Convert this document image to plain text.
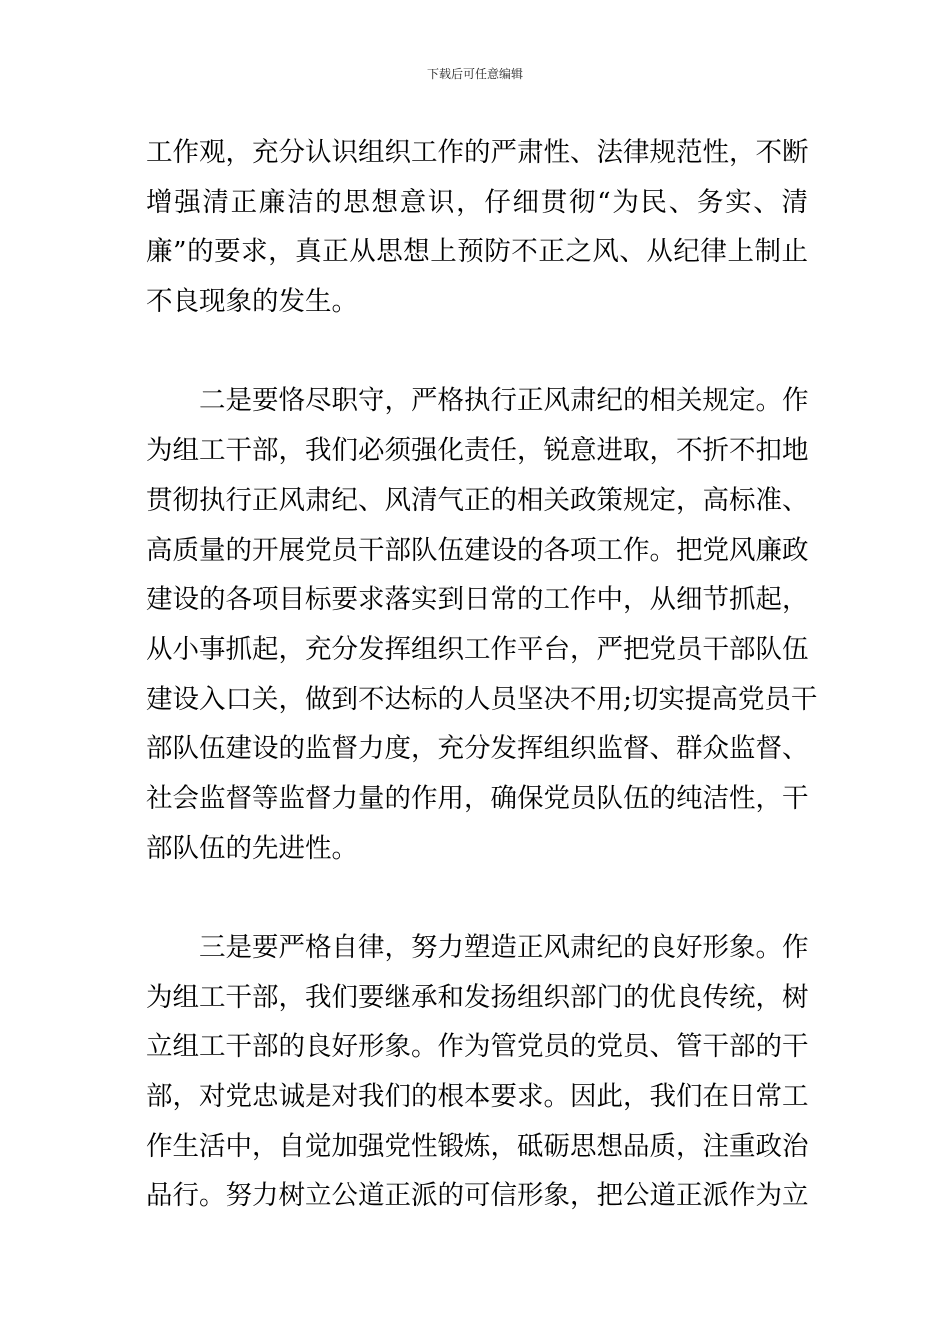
下载后可任意编辑
工作观，充分认识组织工作的严肃性、法律规范性，不断
增强清正廉洁的思想意识，仔细贯彻“为民、务实、清
廉”的要求，真正从思想上预防不正之风、从纪律上制止
不良现象的发生。
二是要恪尽职守，严格执行正风肃纪的相关规定。作
为组工干部，我们必须强化责任，锐意进取，不折不扣地
贯彻执行正风肃纪、风清气正的相关政策规定，高标准、
高质量的开展党员干部队伍建设的各项工作。把党风廉政
建设的各项目标要求落实到日常的工作中，从细节抓起，
从小事抓起，充分发挥组织工作平台，严把党员干部队伍
建设入口关，做到不达标的人员坚决不用;切实提高党员干
部队伍建设的监督力度，充分发挥组织监督、群众监督、
社会监督等监督力量的作用，确保党员队伍的纯洁性，干
部队伍的先进性。
三是要严格自律，努力塑造正风肃纪的良好形象。作
为组工干部，我们要继承和发扬组织部门的优良传统，树
立组工干部的良好形象。作为管党员的党员、管干部的干
部，对党忠诚是对我们的根本要求。因此，我们在日常工
作生活中，自觉加强党性锻炼，砥砺思想品质，注重政治
品行。努力树立公道正派的可信形象，把公道正派作为立
